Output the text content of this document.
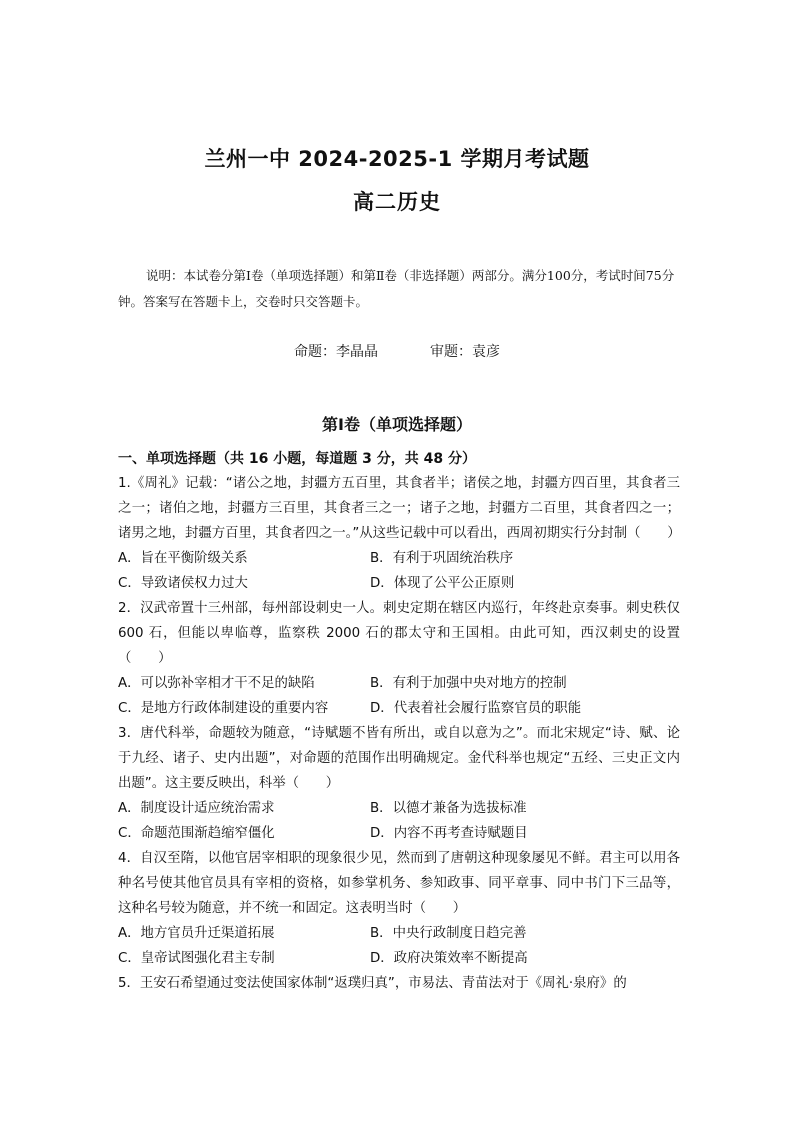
兰州一中 2024-2025-1 学期月考试题
高二历史
说明：本试卷分第Ⅰ卷（单项选择题）和第Ⅱ卷（非选择题）两部分。满分100分，考试时间75分钟。答案写在答题卡上，交卷时只交答题卡。
命题：李晶晶	审题：袁彦
第Ⅰ卷（单项选择题）
一、单项选择题（共 16 小题，每道题 3 分，共 48 分）

1.《周礼》记载：“诸公之地，封疆方五百里，其食者半；诸侯之地，封疆方四百里，其食者三之一；诸伯之地，封疆方三百里，其食者三之一；诸子之地，封疆方二百里，其食者四之一；诸男之地，封疆方百里，其食者四之一。”从这些记载中可以看出，西周初期实行分封制（　　）

A．旨在平衡阶级关系	B．有利于巩固统治秩序
C．导致诸侯权力过大	D．体现了公平公正原则

2．汉武帝置十三州部，每州部设刺史一人。刺史定期在辖区内巡行，年终赴京奏事。刺史秩仅 600 石，但能以卑临尊，监察秩 2000 石的郡太守和王国相。由此可知，西汉刺史的设置（　　）

A．可以弥补宰相才干不足的缺陷	B．有利于加强中央对地方的控制
C．是地方行政体制建设的重要内容	D．代表着社会履行监察官员的职能

3．唐代科举，命题较为随意，“诗赋题不皆有所出，或自以意为之”。而北宋规定“诗、赋、论于九经、诸子、史内出题”，对命题的范围作出明确规定。金代科举也规定“五经、三史正文内出题”。这主要反映出，科举（　　）

A．制度设计适应统治需求	B．以德才兼备为选拔标准
C．命题范围渐趋缩窄僵化	D．内容不再考查诗赋题目

4．自汉至隋，以他官居宰相职的现象很少见，然而到了唐朝这种现象屡见不鲜。君主可以用各种名号使其他官员具有宰相的资格，如参掌机务、参知政事、同平章事、同中书门下三品等，这种名号较为随意，并不统一和固定。这表明当时（　　）

A．地方官员升迁渠道拓展	B．中央行政制度日趋完善
C．皇帝试图强化君主专制	D．政府决策效率不断提高

5．王安石希望通过变法使国家体制“返璞归真”，市易法、青苗法对于《周礼·泉府》的
